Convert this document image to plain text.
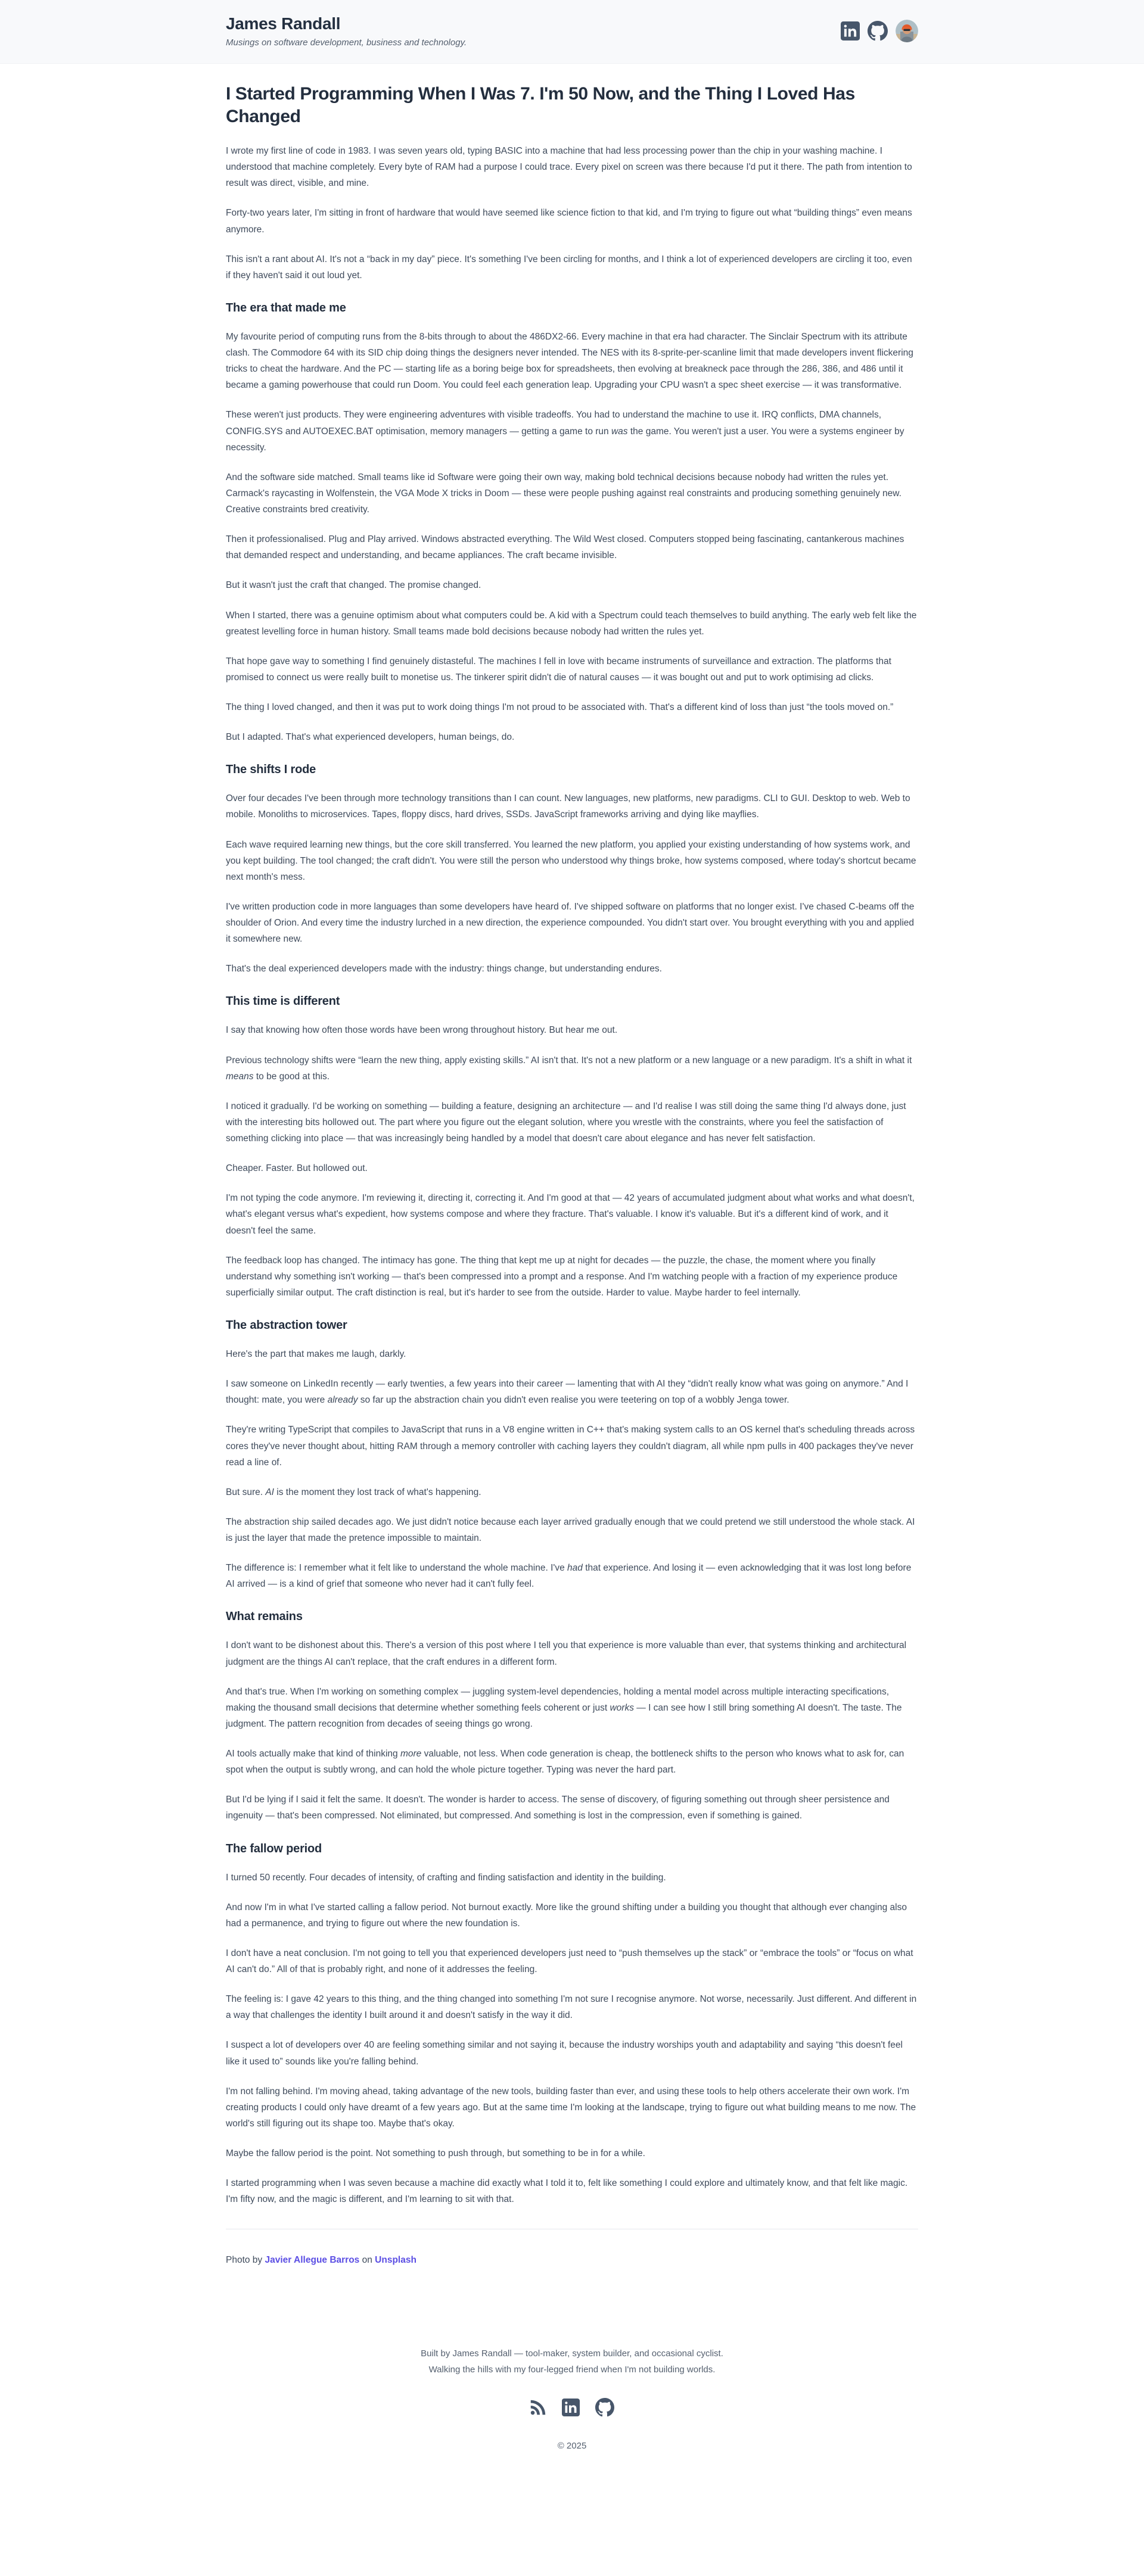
James Randall
Musings on software development, business and technology.
I Started Programming When I Was 7. I'm 50 Now, and the Thing I Loved Has Changed

I wrote my first line of code in 1983. I was seven years old, typing BASIC into a machine that had less processing power than the chip in your washing machine. I understood that machine completely. Every byte of RAM had a purpose I could trace. Every pixel on screen was there because I'd put it there. The path from intention to result was direct, visible, and mine.

Forty-two years later, I'm sitting in front of hardware that would have seemed like science fiction to that kid, and I'm trying to figure out what “building things” even means anymore.

This isn't a rant about AI. It's not a “back in my day” piece. It's something I've been circling for months, and I think a lot of experienced developers are circling it too, even if they haven't said it out loud yet.

The era that made me

My favourite period of computing runs from the 8-bits through to about the 486DX2-66. Every machine in that era had character. The Sinclair Spectrum with its attribute clash. The Commodore 64 with its SID chip doing things the designers never intended. The NES with its 8-sprite-per-scanline limit that made developers invent flickering tricks to cheat the hardware. And the PC — starting life as a boring beige box for spreadsheets, then evolving at breakneck pace through the 286, 386, and 486 until it became a gaming powerhouse that could run Doom. You could feel each generation leap. Upgrading your CPU wasn't a spec sheet exercise — it was transformative.

These weren't just products. They were engineering adventures with visible tradeoffs. You had to understand the machine to use it. IRQ conflicts, DMA channels, CONFIG.SYS and AUTOEXEC.BAT optimisation, memory managers — getting a game to run was the game. You weren't just a user. You were a systems engineer by necessity.

And the software side matched. Small teams like id Software were going their own way, making bold technical decisions because nobody had written the rules yet. Carmack's raycasting in Wolfenstein, the VGA Mode X tricks in Doom — these were people pushing against real constraints and producing something genuinely new. Creative constraints bred creativity.

Then it professionalised. Plug and Play arrived. Windows abstracted everything. The Wild West closed. Computers stopped being fascinating, cantankerous machines that demanded respect and understanding, and became appliances. The craft became invisible.

But it wasn't just the craft that changed. The promise changed.

When I started, there was a genuine optimism about what computers could be. A kid with a Spectrum could teach themselves to build anything. The early web felt like the greatest levelling force in human history. Small teams made bold decisions because nobody had written the rules yet.

That hope gave way to something I find genuinely distasteful. The machines I fell in love with became instruments of surveillance and extraction. The platforms that promised to connect us were really built to monetise us. The tinkerer spirit didn't die of natural causes — it was bought out and put to work optimising ad clicks.

The thing I loved changed, and then it was put to work doing things I'm not proud to be associated with. That's a different kind of loss than just “the tools moved on.”

But I adapted. That's what experienced developers, human beings, do.

The shifts I rode

Over four decades I've been through more technology transitions than I can count. New languages, new platforms, new paradigms. CLI to GUI. Desktop to web. Web to mobile. Monoliths to microservices. Tapes, floppy discs, hard drives, SSDs. JavaScript frameworks arriving and dying like mayflies.

Each wave required learning new things, but the core skill transferred. You learned the new platform, you applied your existing understanding of how systems work, and you kept building. The tool changed; the craft didn't. You were still the person who understood why things broke, how systems composed, where today's shortcut became next month's mess.

I've written production code in more languages than some developers have heard of. I've shipped software on platforms that no longer exist. I've chased C-beams off the shoulder of Orion. And every time the industry lurched in a new direction, the experience compounded. You didn't start over. You brought everything with you and applied it somewhere new.

That's the deal experienced developers made with the industry: things change, but understanding endures.

This time is different

I say that knowing how often those words have been wrong throughout history. But hear me out.

Previous technology shifts were “learn the new thing, apply existing skills.” AI isn't that. It's not a new platform or a new language or a new paradigm. It's a shift in what it means to be good at this.

I noticed it gradually. I'd be working on something — building a feature, designing an architecture — and I'd realise I was still doing the same thing I'd always done, just with the interesting bits hollowed out. The part where you figure out the elegant solution, where you wrestle with the constraints, where you feel the satisfaction of something clicking into place — that was increasingly being handled by a model that doesn't care about elegance and has never felt satisfaction.

Cheaper. Faster. But hollowed out.

I'm not typing the code anymore. I'm reviewing it, directing it, correcting it. And I'm good at that — 42 years of accumulated judgment about what works and what doesn't, what's elegant versus what's expedient, how systems compose and where they fracture. That's valuable. I know it's valuable. But it's a different kind of work, and it doesn't feel the same.

The feedback loop has changed. The intimacy has gone. The thing that kept me up at night for decades — the puzzle, the chase, the moment where you finally understand why something isn't working — that's been compressed into a prompt and a response. And I'm watching people with a fraction of my experience produce superficially similar output. The craft distinction is real, but it's harder to see from the outside. Harder to value. Maybe harder to feel internally.

The abstraction tower

Here's the part that makes me laugh, darkly.

I saw someone on LinkedIn recently — early twenties, a few years into their career — lamenting that with AI they “didn't really know what was going on anymore.” And I thought: mate, you were already so far up the abstraction chain you didn't even realise you were teetering on top of a wobbly Jenga tower.

They're writing TypeScript that compiles to JavaScript that runs in a V8 engine written in C++ that's making system calls to an OS kernel that's scheduling threads across cores they've never thought about, hitting RAM through a memory controller with caching layers they couldn't diagram, all while npm pulls in 400 packages they've never read a line of.

But sure. AI is the moment they lost track of what's happening.

The abstraction ship sailed decades ago. We just didn't notice because each layer arrived gradually enough that we could pretend we still understood the whole stack. AI is just the layer that made the pretence impossible to maintain.

The difference is: I remember what it felt like to understand the whole machine. I've had that experience. And losing it — even acknowledging that it was lost long before AI arrived — is a kind of grief that someone who never had it can't fully feel.

What remains

I don't want to be dishonest about this. There's a version of this post where I tell you that experience is more valuable than ever, that systems thinking and architectural judgment are the things AI can't replace, that the craft endures in a different form.

And that's true. When I'm working on something complex — juggling system-level dependencies, holding a mental model across multiple interacting specifications, making the thousand small decisions that determine whether something feels coherent or just works — I can see how I still bring something AI doesn't. The taste. The judgment. The pattern recognition from decades of seeing things go wrong.

AI tools actually make that kind of thinking more valuable, not less. When code generation is cheap, the bottleneck shifts to the person who knows what to ask for, can spot when the output is subtly wrong, and can hold the whole picture together. Typing was never the hard part.

But I'd be lying if I said it felt the same. It doesn't. The wonder is harder to access. The sense of discovery, of figuring something out through sheer persistence and ingenuity — that's been compressed. Not eliminated, but compressed. And something is lost in the compression, even if something is gained.

The fallow period

I turned 50 recently. Four decades of intensity, of crafting and finding satisfaction and identity in the building.

And now I'm in what I've started calling a fallow period. Not burnout exactly. More like the ground shifting under a building you thought that although ever changing also had a permanence, and trying to figure out where the new foundation is.

I don't have a neat conclusion. I'm not going to tell you that experienced developers just need to “push themselves up the stack” or “embrace the tools” or “focus on what AI can't do.” All of that is probably right, and none of it addresses the feeling.

The feeling is: I gave 42 years to this thing, and the thing changed into something I'm not sure I recognise anymore. Not worse, necessarily. Just different. And different in a way that challenges the identity I built around it and doesn't satisfy in the way it did.

I suspect a lot of developers over 40 are feeling something similar and not saying it, because the industry worships youth and adaptability and saying “this doesn't feel like it used to” sounds like you're falling behind.

I'm not falling behind. I'm moving ahead, taking advantage of the new tools, building faster than ever, and using these tools to help others accelerate their own work. I'm creating products I could only have dreamt of a few years ago. But at the same time I'm looking at the landscape, trying to figure out what building means to me now. The world's still figuring out its shape too. Maybe that's okay.

Maybe the fallow period is the point. Not something to push through, but something to be in for a while.

I started programming when I was seven because a machine did exactly what I told it to, felt like something I could explore and ultimately know, and that felt like magic. I'm fifty now, and the magic is different, and I'm learning to sit with that.

Photo by Javier Allegue Barros on Unsplash

Built by James Randall — tool-maker, system builder, and occasional cyclist.
Walking the hills with my four-legged friend when I'm not building worlds.
© 2025
